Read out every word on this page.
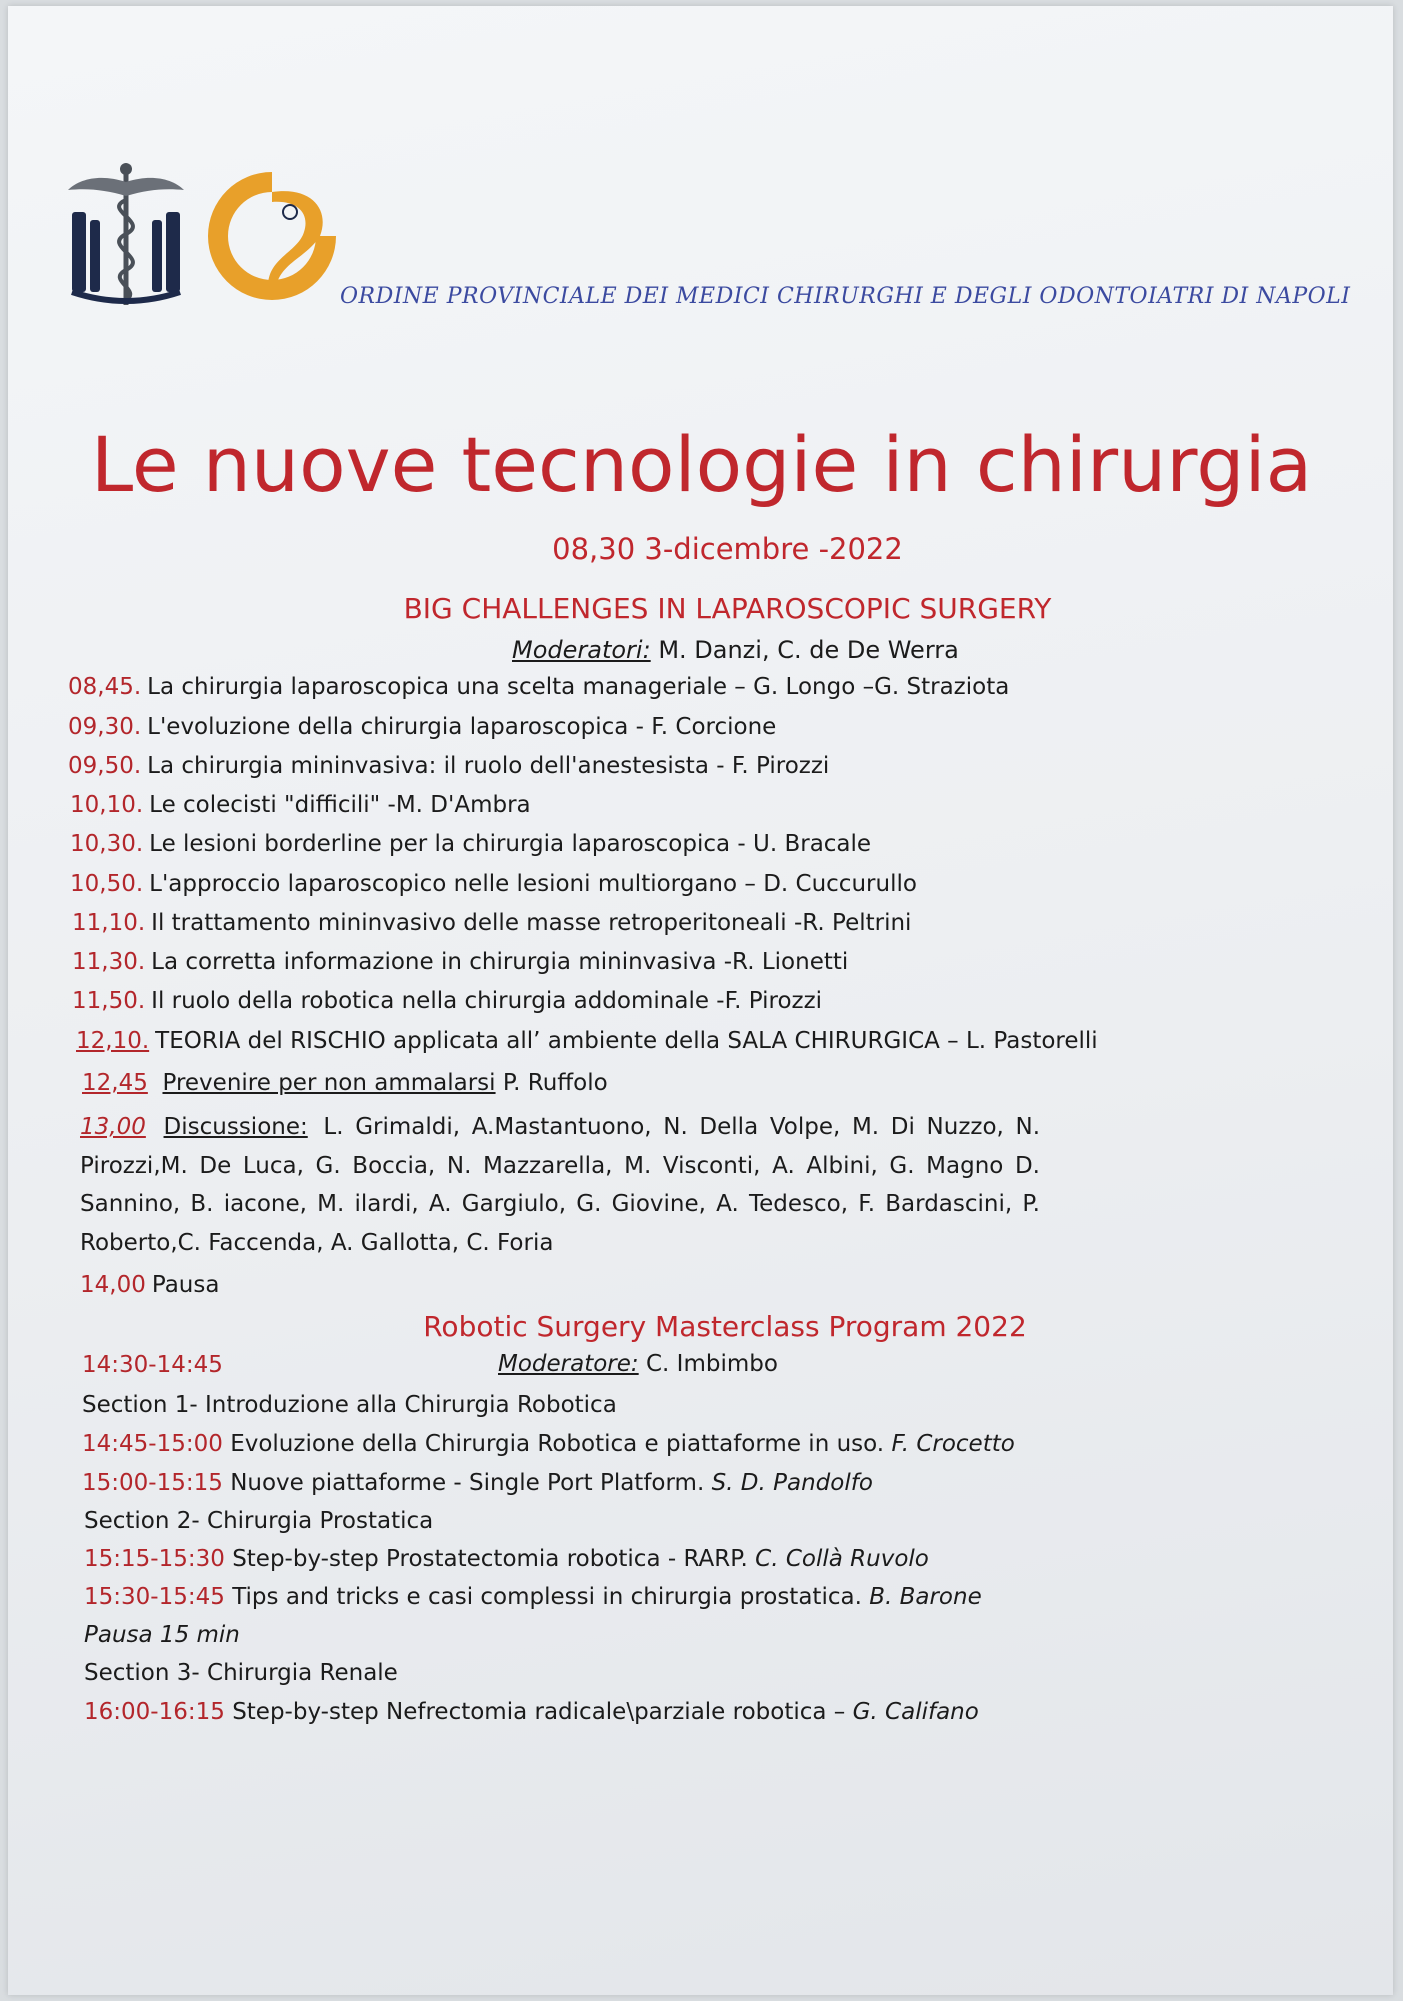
ORDINE PROVINCIALE DEI MEDICI CHIRURGHI E DEGLI ODONTOIATRI DI NAPOLI
Le nuove tecnologie in chirurgia
08,30 3-dicembre -2022
BIG CHALLENGES IN LAPAROSCOPIC SURGERY
Moderatori: M. Danzi, C. de De Werra
08,45. La chirurgia laparoscopica una scelta manageriale – G. Longo –G. Straziota
09,30. L'evoluzione della chirurgia laparoscopica - F. Corcione
09,50. La chirurgia mininvasiva: il ruolo dell'anestesista - F. Pirozzi
10,10. Le colecisti "difficili" -M. D'Ambra
10,30. Le lesioni borderline per la chirurgia laparoscopica - U. Bracale
10,50. L'approccio laparoscopico nelle lesioni multiorgano – D. Cuccurullo
11,10. Il trattamento mininvasivo delle masse retroperitoneali -R. Peltrini
11,30. La corretta informazione in chirurgia mininvasiva -R. Lionetti
11,50. Il ruolo della robotica nella chirurgia addominale -F. Pirozzi
12,10. TEORIA del RISCHIO applicata all’ ambiente della SALA CHIRURGICA – L. Pastorelli
12,45 Prevenire per non ammalarsi P. Ruffolo
13,00 Discussione: L. Grimaldi, A.Mastantuono, N. Della Volpe, M. Di Nuzzo, N. Pirozzi,M. De Luca, G. Boccia, N. Mazzarella, M. Visconti, A. Albini, G. Magno D. Sannino, B. iacone, M. ilardi, A. Gargiulo, G. Giovine, A. Tedesco, F. Bardascini, P. Roberto,C. Faccenda, A. Gallotta, C. Foria
14,00 Pausa
Robotic Surgery Masterclass Program 2022
14:30-14:45	Moderatore: C. Imbimbo
Section 1- Introduzione alla Chirurgia Robotica
14:45-15:00 Evoluzione della Chirurgia Robotica e piattaforme in uso. F. Crocetto
15:00-15:15 Nuove piattaforme - Single Port Platform. S. D. Pandolfo
Section 2- Chirurgia Prostatica
15:15-15:30 Step-by-step Prostatectomia robotica - RARP. C. Collà Ruvolo
15:30-15:45 Tips and tricks e casi complessi in chirurgia prostatica. B. Barone
Pausa 15 min
Section 3- Chirurgia Renale
16:00-16:15 Step-by-step Nefrectomia radicale\parziale robotica – G. Califano
